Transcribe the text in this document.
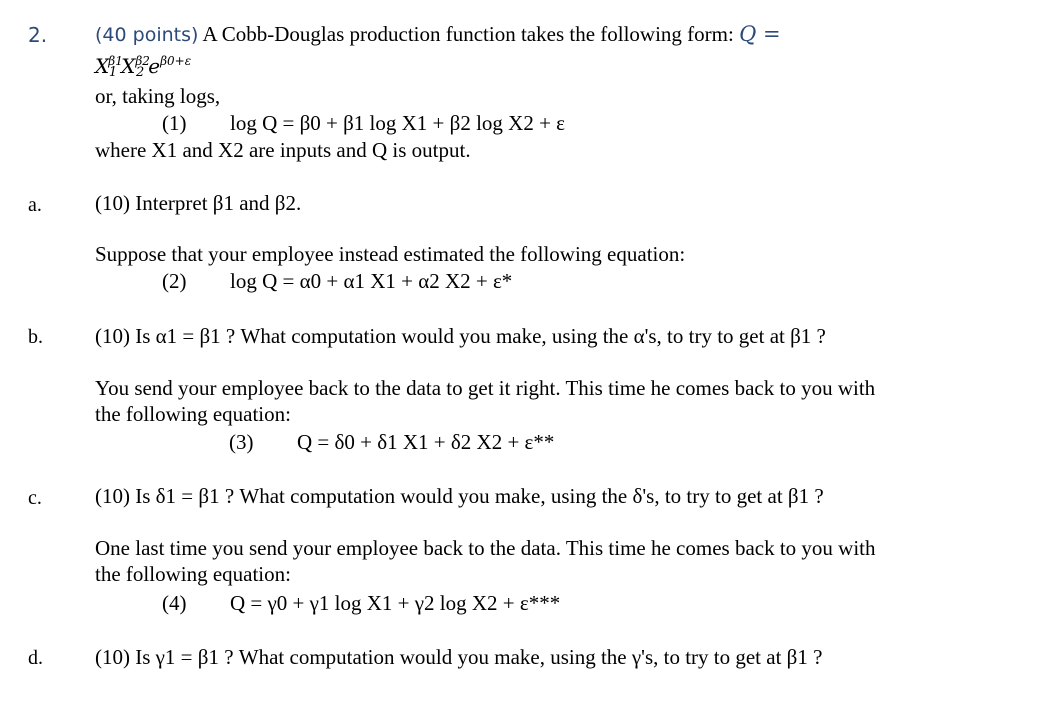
2.	(40 points) A Cobb-Douglas production function takes the following form: Q =
$X^{\beta 1}_1$ $X^{\beta 2}_2$ $e^{\beta 0+\varepsilon}$
or, taking logs,
(1) log Q = β0 + β1 log X1 + β2 log X2 + ε
where X1 and X2 are inputs and Q is output.
a.	(10) Interpret β1 and β2.
Suppose that your employee instead estimated the following equation:
(2) log Q = α0 + α1 X1 + α2 X2 + ε*
b. (10) Is α1 = β1 ? What computation would you make, using the α's, to try to get at β1 ?
You send your employee back to the data to get it right. This time he comes back to you with
the following equation:
(3) Q = δ0 + δ1 X1 + δ2 X2 + ε**
c.	(10) Is δ1 = β1 ? What computation would you make, using the δ's, to try to get at β1 ?
One last time you send your employee back to the data. This time he comes back to you with
the following equation:
(4) Q = γ0 + γ1 log X1 + γ2 log X2 + ε***
d. (10) Is γ1 = β1 ? What computation would you make, using the γ's, to try to get at β1 ?
